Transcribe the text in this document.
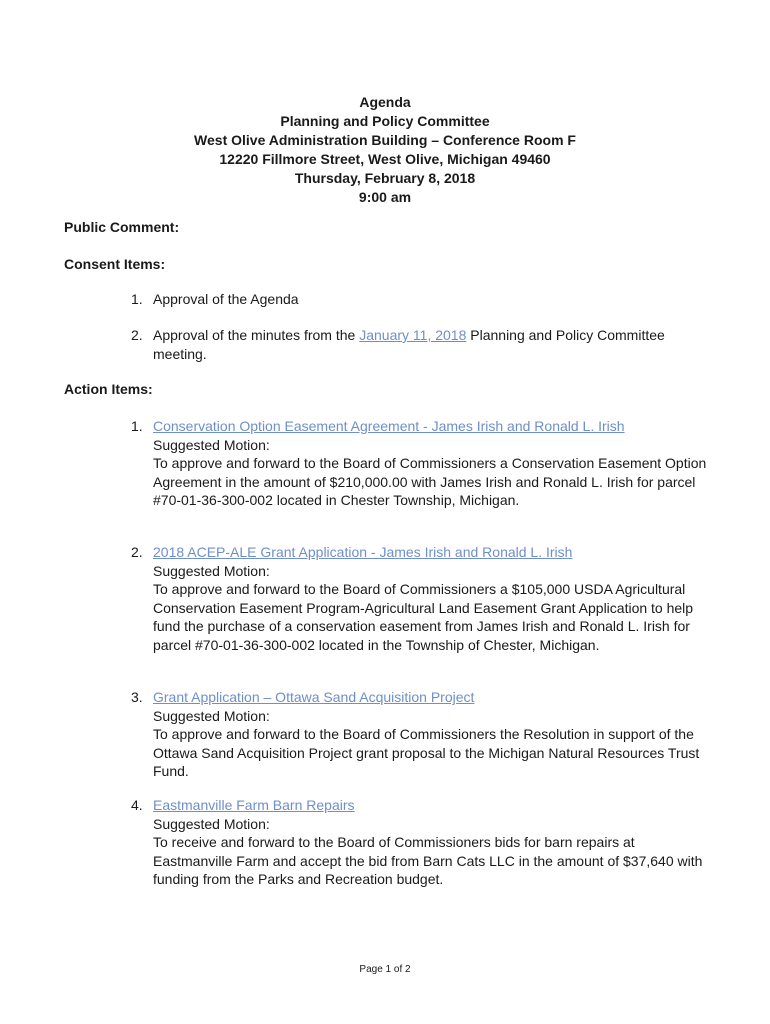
Agenda
Planning and Policy Committee
West Olive Administration Building – Conference Room F
12220 Fillmore Street, West Olive, Michigan 49460
Thursday, February 8, 2018
9:00 am
Public Comment:
Consent Items:
1. Approval of the Agenda
2. Approval of the minutes from the January 11, 2018 Planning and Policy Committee meeting.
Action Items:
1. Conservation Option Easement Agreement - James Irish and Ronald L. Irish
Suggested Motion:
To approve and forward to the Board of Commissioners a Conservation Easement Option Agreement in the amount of $210,000.00 with James Irish and Ronald L. Irish for parcel #70-01-36-300-002 located in Chester Township, Michigan.
2. 2018 ACEP-ALE Grant Application - James Irish and Ronald L. Irish
Suggested Motion:
To approve and forward to the Board of Commissioners a $105,000 USDA Agricultural Conservation Easement Program-Agricultural Land Easement Grant Application to help fund the purchase of a conservation easement from James Irish and Ronald L. Irish for parcel #70-01-36-300-002 located in the Township of Chester, Michigan.
3. Grant Application – Ottawa Sand Acquisition Project
Suggested Motion:
To approve and forward to the Board of Commissioners the Resolution in support of the Ottawa Sand Acquisition Project grant proposal to the Michigan Natural Resources Trust Fund.
4. Eastmanville Farm Barn Repairs
Suggested Motion:
To receive and forward to the Board of Commissioners bids for barn repairs at Eastmanville Farm and accept the bid from Barn Cats LLC in the amount of $37,640 with funding from the Parks and Recreation budget.
Page 1 of 2
